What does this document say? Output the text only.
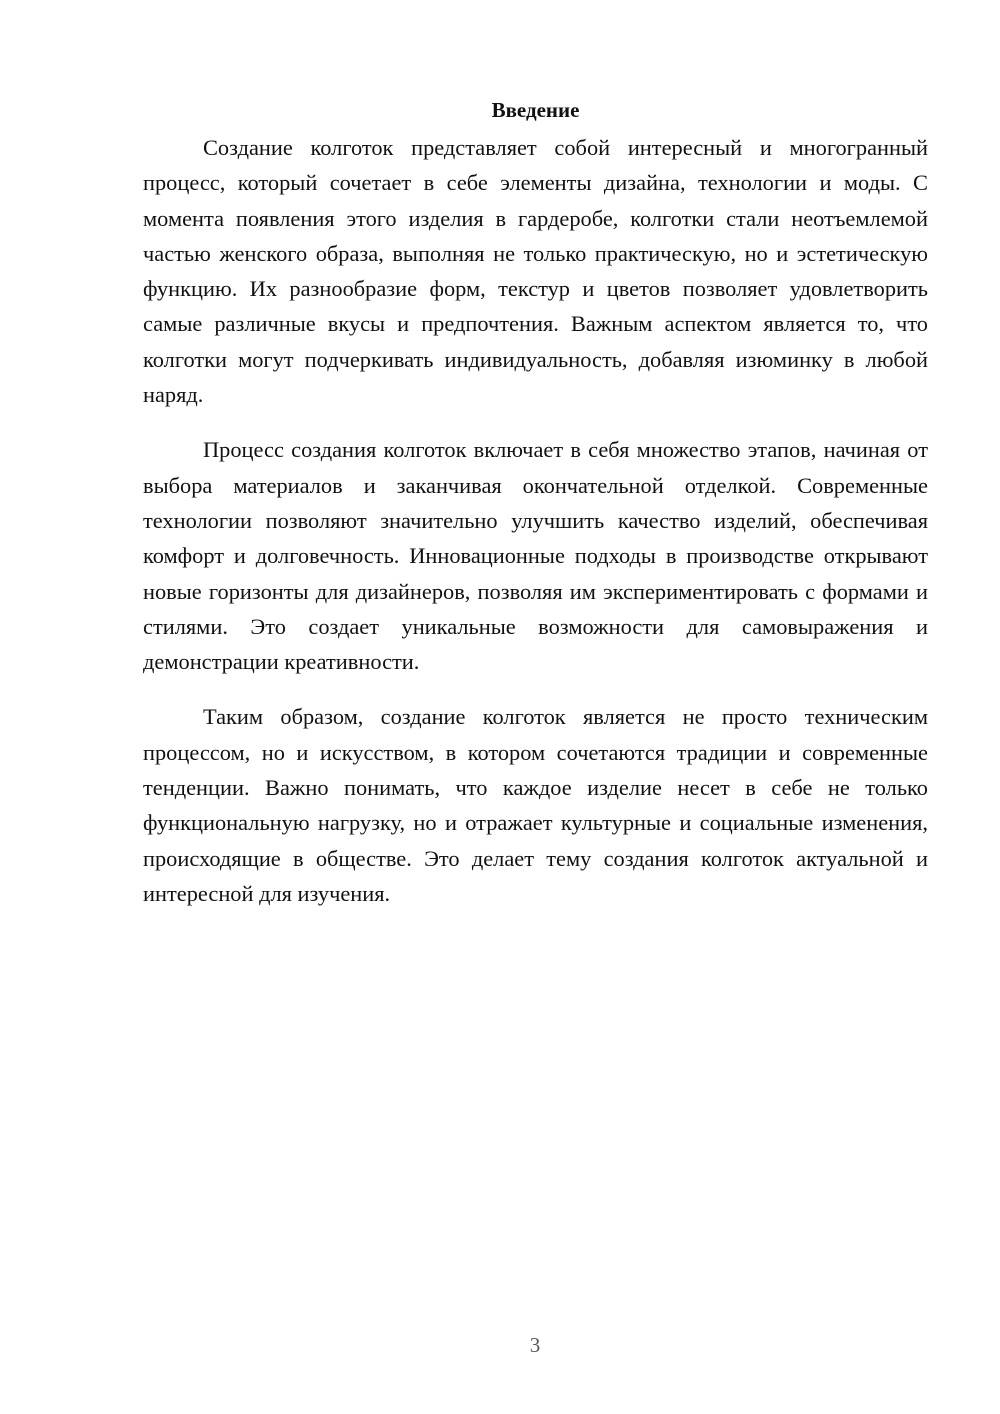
Введение

Создание колготок представляет собой интересный и многогранный процесс, который сочетает в себе элементы дизайна, технологии и моды. С момента появления этого изделия в гардеробе, колготки стали неотъемлемой частью женского образа, выполняя не только практическую, но и эстетическую функцию. Их разнообразие форм, текстур и цветов позволяет удовлетворить самые различные вкусы и предпочтения. Важным аспектом является то, что колготки могут подчеркивать индивидуальность, добавляя изюминку в любой наряд.

Процесс создания колготок включает в себя множество этапов, начиная от выбора материалов и заканчивая окончательной отделкой. Современные технологии позволяют значительно улучшить качество изделий, обеспечивая комфорт и долговечность. Инновационные подходы в производстве открывают новые горизонты для дизайнеров, позволяя им экспериментировать с формами и стилями. Это создает уникальные возможности для самовыражения и демонстрации креативности.

Таким образом, создание колготок является не просто техническим процессом, но и искусством, в котором сочетаются традиции и современные тенденции. Важно понимать, что каждое изделие несет в себе не только функциональную нагрузку, но и отражает культурные и социальные изменения, происходящие в обществе. Это делает тему создания колготок актуальной и интересной для изучения.

3
